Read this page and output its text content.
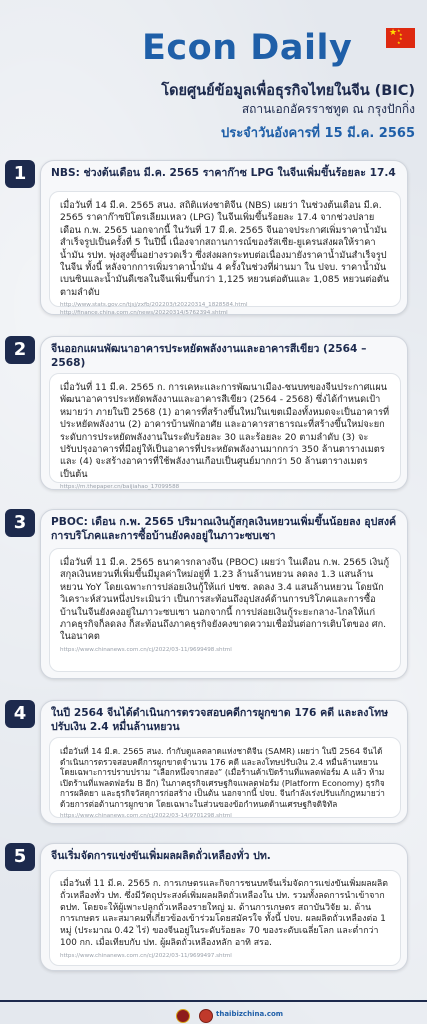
Econ Daily	★ ★
★
★
★
โดยศูนย์ข้อมูลเพื่อธุรกิจไทยในจีน (BIC)
สถานเอกอัครราชทูต ณ กรุงปักกิ่ง
ประจำวันอังคารที่ 15 มี.ค. 2565
1	NBS: ช่วงต้นเดือน มี.ค. 2565 ราคาก๊าซ LPG ในจีนเพิ่มขึ้นร้อยละ 17.4

เมื่อวันที่ 14 มี.ค. 2565 สนง. สถิติแห่งชาติจีน (NBS) เผยว่า ในช่วงต้นเดือน มี.ค. 2565 ราคาก๊าซปิโตรเลียมเหลว (LPG) ในจีนเพิ่มขึ้นร้อยละ 17.4 จากช่วงปลายเดือน ก.พ. 2565 นอกจากนี้ ในวันที่ 17 มี.ค. 2565 จีนอาจประกาศเพิ่มราคาน้ำมันสำเร็จรูปเป็นครั้งที่ 5 ในปีนี้ เนื่องจากสถานการณ์ของรัสเซีย-ยูเครนส่งผลให้ราคาน้ำมัน รปท. พุ่งสูงขึ้นอย่างรวดเร็ว ซึ่งส่งผลกระทบต่อเนื่องมายังราคาน้ำมันสำเร็จรูปในจีน ทั้งนี้ หลังจากการเพิ่มราคาน้ำมัน 4 ครั้งในช่วงที่ผ่านมา ใน ปจบ. ราคาน้ำมันเบนซินและน้ำมันดีเซลในจีนเพิ่มขึ้นกว่า 1,125 หยวนต่อตันและ 1,085 หยวนต่อตัน ตามลำดับ

http://www.stats.gov.cn/tjsj/zxfb/202203/t20220314_1828584.html
http://finance.china.com.cn/news/20220314/5762394.shtml
2	จีนออกแผนพัฒนาอาคารประหยัดพลังงานและอาคารสีเขียว (2564 – 2568)

เมื่อวันที่ 11 มี.ค. 2565 ก. การเคหะและการพัฒนาเมือง-ชนบทของจีนประกาศแผนพัฒนาอาคารประหยัดพลังงานและอาคารสีเขียว (2564 - 2568) ซึ่งได้กำหนดเป้าหมายว่า ภายในปี 2568 (1) อาคารที่สร้างขึ้นใหม่ในเขตเมืองทั้งหมดจะเป็นอาคารที่ประหยัดพลังงาน (2) อาคารบ้านพักอาศัย และอาคารสาธารณะที่สร้างขึ้นใหม่จะยกระดับการประหยัดพลังงานในระดับร้อยละ 30 และร้อยละ 20 ตามลำดับ (3) จะปรับปรุงอาคารที่มีอยู่ให้เป็นอาคารที่ประหยัดพลังงานมากกว่า 350 ล้านตารางเมตร และ (4) จะสร้างอาคารที่ใช้พลังงานเกือบเป็นศูนย์มากกว่า 50 ล้านตารางเมตร เป็นต้น

https://m.thepaper.cn/baijiahao_17099588
3	PBOC: เดือน ก.พ. 2565 ปริมาณเงินกู้สกุลเงินหยวนเพิ่มขึ้นน้อยลง อุปสงค์การบริโภคและการซื้อบ้านยังคงอยู่ในภาวะซบเซา

เมื่อวันที่ 11 มี.ค. 2565 ธนาคารกลางจีน (PBOC) เผยว่า ในเดือน ก.พ. 2565 เงินกู้สกุลเงินหยวนที่เพิ่มขึ้นมีมูลค่าใหม่อยู่ที่ 1.23 ล้านล้านหยวน ลดลง 1.3 แสนล้านหยวน YoY โดยเฉพาะการปล่อยเงินกู้ให้แก่ ปชช. ลดลง 3.4 แสนล้านหยวน โดยนักวิเคราะห์ส่วนหนึ่งประเมินว่า เป็นการสะท้อนถึงอุปสงค์ด้านการบริโภคและการซื้อบ้านในจีนยังคงอยู่ในภาวะซบเซา นอกจากนี้ การปล่อยเงินกู้ระยะกลาง-ไกลให้แก่ภาคธุรกิจก็ลดลง ก็สะท้อนถึงภาคธุรกิจยังคงขาดความเชื่อมั่นต่อการเติบโตของ ศก. ในอนาคต

https://www.chinanews.com.cn/cj/2022/03-11/9699498.shtml
4	ในปี 2564 จีนได้ดำเนินการตรวจสอบคดีการผูกขาด 176 คดี และลงโทษปรับเงิน 2.4 หมื่นล้านหยวน

เมื่อวันที่ 14 มี.ค. 2565 สนง. กำกับดูแลตลาดแห่งชาติจีน (SAMR) เผยว่า ในปี 2564 จีนได้ดำเนินการตรวจสอบคดีการผูกขาดจำนวน 176 คดี และลงโทษปรับเงิน 2.4 หมื่นล้านหยวน โดยเฉพาะการปราบปราม “เลือกหนึ่งจากสอง” (เมื่อร้านค้าเปิดร้านที่แพลตฟอร์ม A แล้ว ห้ามเปิดร้านที่แพลตฟอร์ม B อีก) ในภาคธุรกิจเศรษฐกิจแพลตฟอร์ม (Platform Economy) ธุรกิจการผลิตยา และธุรกิจวัสดุการก่อสร้าง เป็นต้น นอกจากนี้ ปจบ. จีนกำลังเร่งปรับแก้กฎหมายว่าด้วยการต่อต้านการผูกขาด โดยเฉพาะในส่วนของข้อกำหนดด้านเศรษฐกิจดิจิทัล

https://www.chinanews.com.cn/cj/2022/03-14/9701298.shtml
5	จีนเริ่มจัดการแข่งขันเพิ่มผลผลิตถั่วเหลืองทั่ว ปท.

เมื่อวันที่ 11 มี.ค. 2565 ก. การเกษตรและกิจการชนบทจีนเริ่มจัดการแข่งขันเพิ่มผลผลิตถั่วเหลืองทั่ว ปท. ซึ่งมีวัตถุประสงค์เพิ่มผลผลิตถั่วเหลืองใน ปท. รวมทั้งลดการนำเข้าจาก ตปท. โดยจะให้ผู้เพาะปลูกถั่วเหลืองรายใหญ่ ม. ด้านการเกษตร สถาบันวิจัย ม. ด้านการเกษตร และสมาคมที่เกี่ยวข้องเข้าร่วมโดยสมัครใจ ทั้งนี้ ปจบ. ผลผลิตถั่วเหลืองต่อ 1 หมู่ (ประมาณ 0.42 ไร่) ของจีนอยู่ในระดับร้อยละ 70 ของระดับเฉลี่ยโลก และต่ำกว่า 100 กก. เมื่อเทียบกับ ปท. ผู้ผลิตถั่วเหลืองหลัก อาทิ สรอ.

https://www.chinanews.com.cn/cj/2022/03-11/9699497.shtml
thaibizchina.com
